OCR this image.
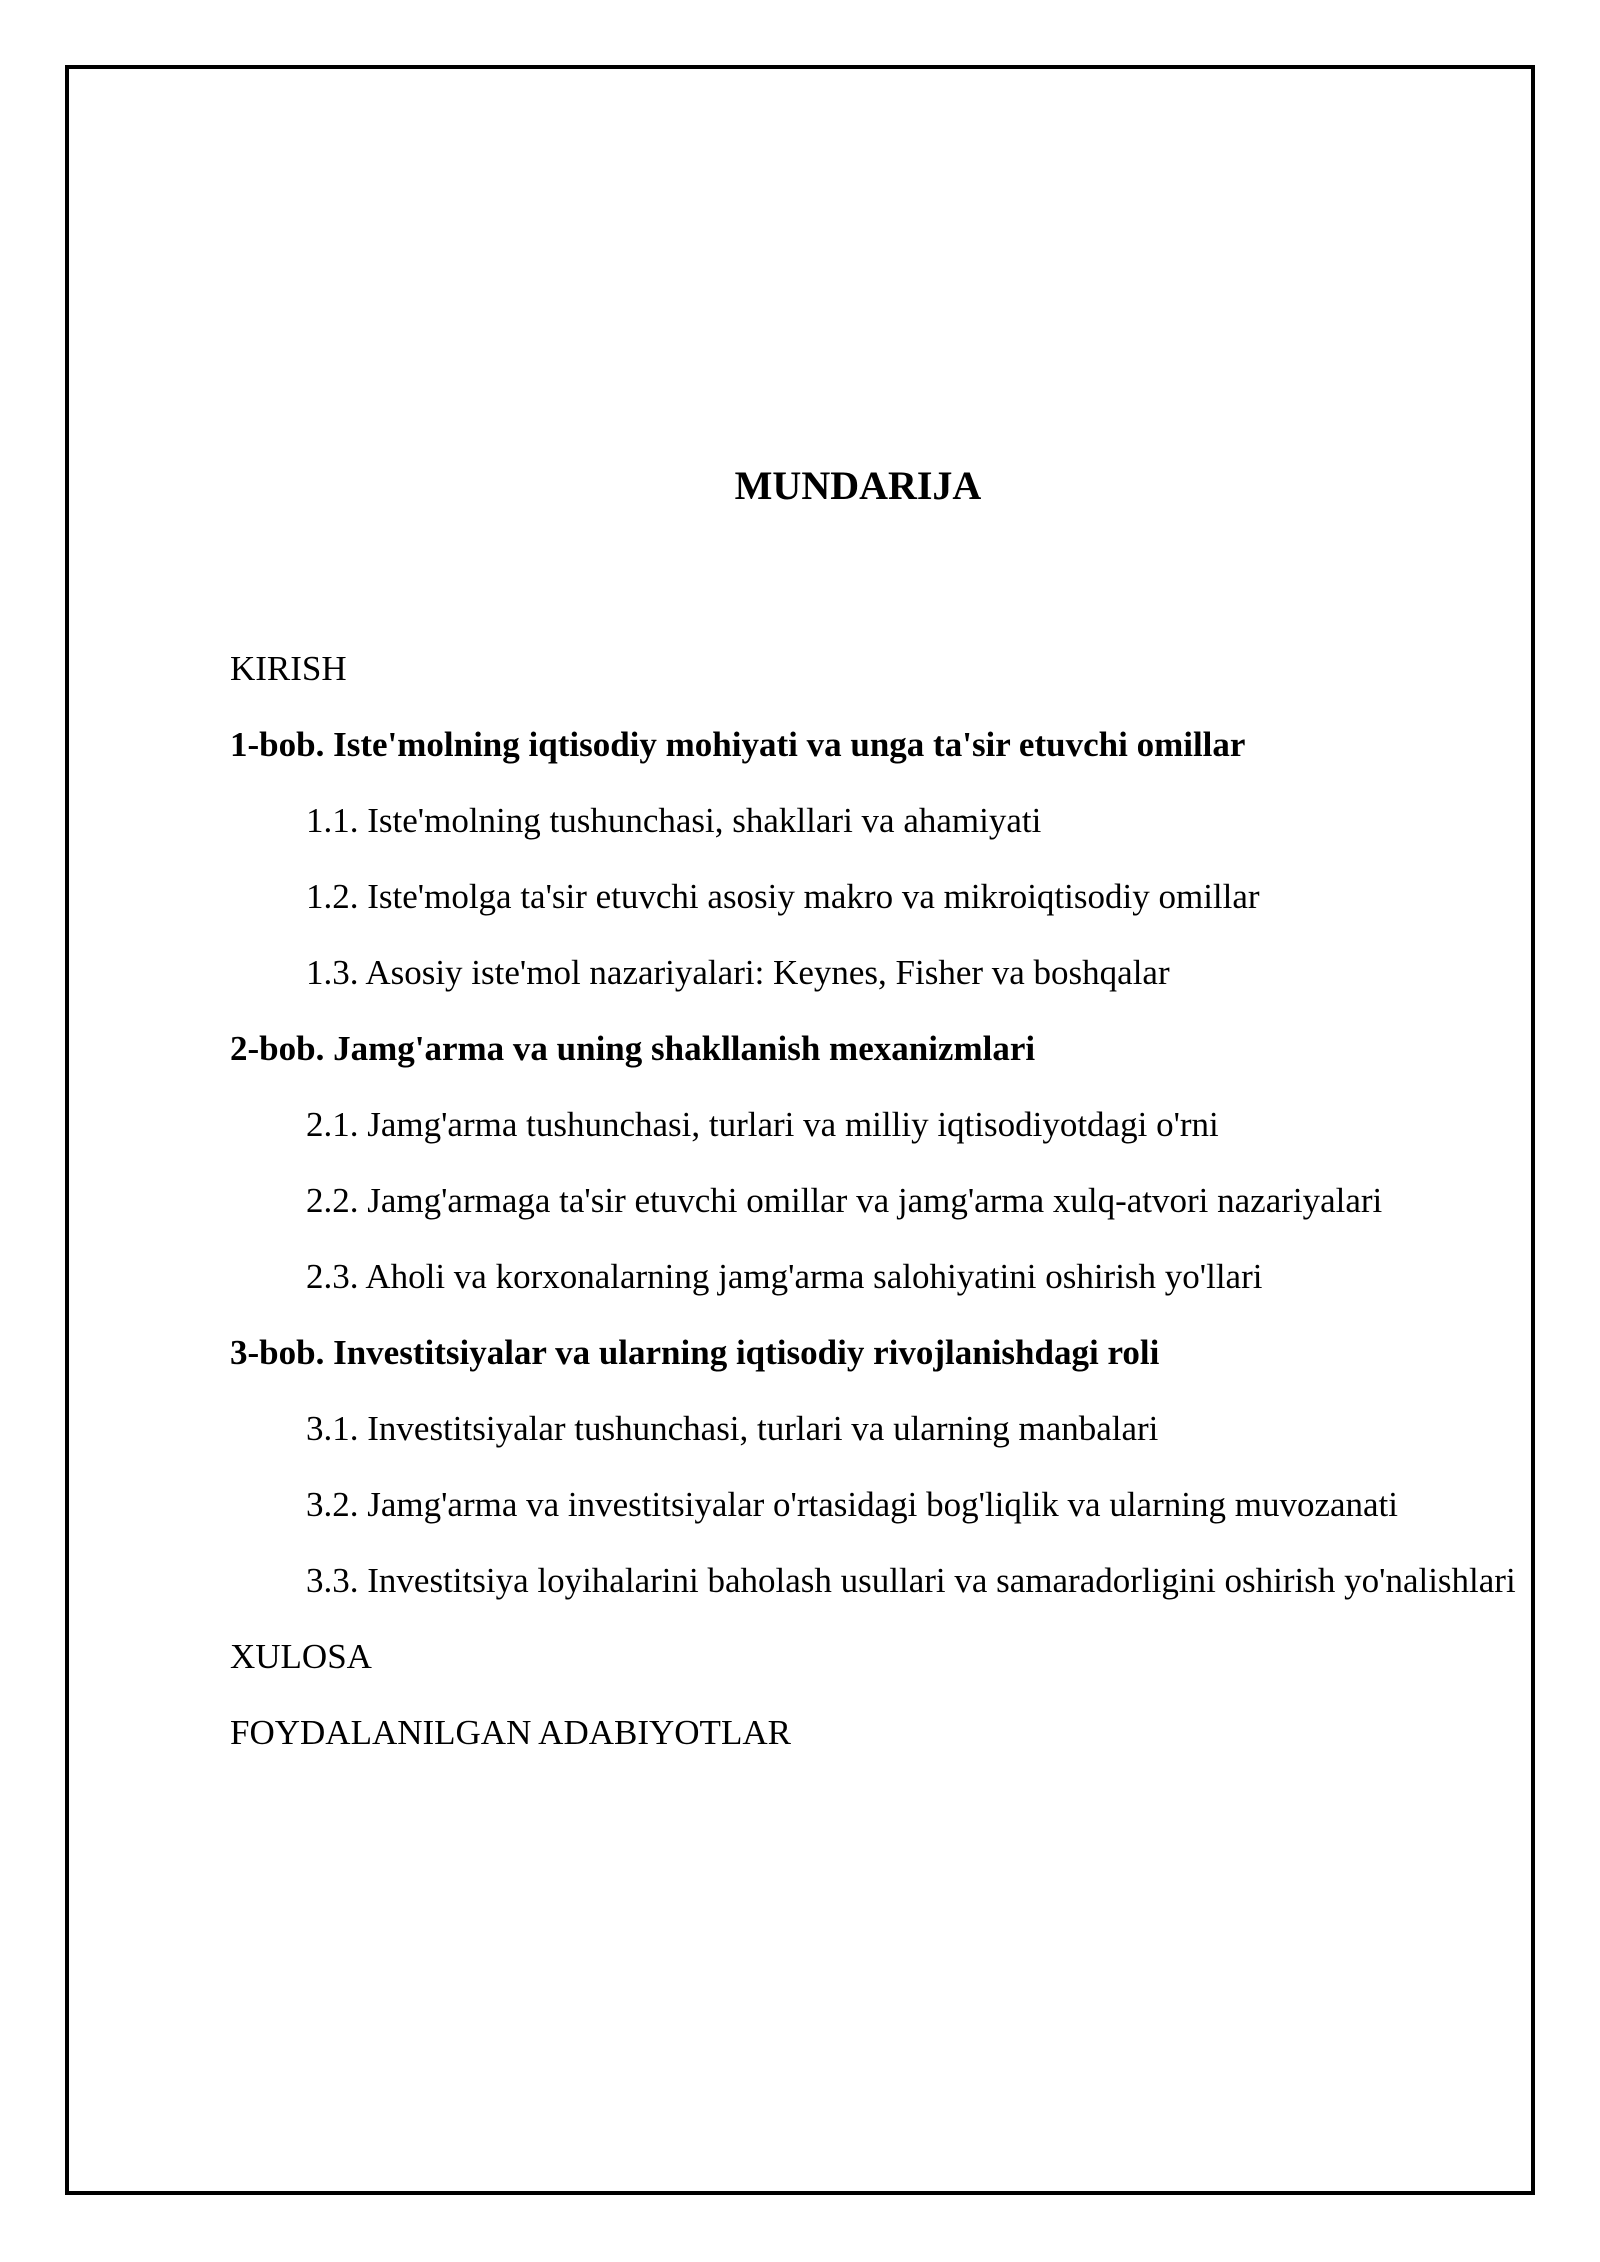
MUNDARIJA
KIRISH
1-bob. Iste'molning iqtisodiy mohiyati va unga ta'sir etuvchi omillar
1.1. Iste'molning tushunchasi, shakllari va ahamiyati
1.2. Iste'molga ta'sir etuvchi asosiy makro va mikroiqtisodiy omillar
1.3. Asosiy iste'mol nazariyalari: Keynes, Fisher va boshqalar
2-bob. Jamg'arma va uning shakllanish mexanizmlari
2.1. Jamg'arma tushunchasi, turlari va milliy iqtisodiyotdagi o'rni
2.2. Jamg'armaga ta'sir etuvchi omillar va jamg'arma xulq-atvori nazariyalari
2.3. Aholi va korxonalarning jamg'arma salohiyatini oshirish yo'llari
3-bob. Investitsiyalar va ularning iqtisodiy rivojlanishdagi roli
3.1. Investitsiyalar tushunchasi, turlari va ularning manbalari
3.2. Jamg'arma va investitsiyalar o'rtasidagi bog'liqlik va ularning muvozanati
3.3. Investitsiya loyihalarini baholash usullari va samaradorligini oshirish yo'nalishlari
XULOSA
FOYDALANILGAN ADABIYOTLAR
